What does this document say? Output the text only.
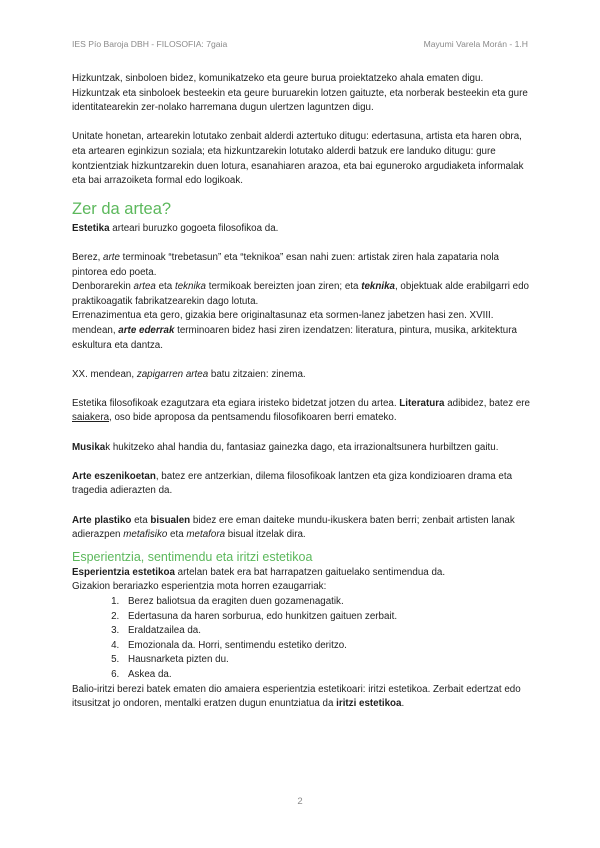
IES Pío Baroja DBH - FILOSOFIA: 7gaia	Mayumi Varela Morán - 1.H

Hizkuntzak, sinboloen bidez, komunikatzeko eta geure burua proiektatzeko ahala ematen digu.

Hizkuntzak eta sinboloek besteekin eta geure buruarekin lotzen gaituzte, eta norberak besteekin eta gure identitatearekin zer-nolako harremana dugun ulertzen laguntzen digu.

Unitate honetan, artearekin lotutako zenbait alderdi aztertuko ditugu: edertasuna, artista eta haren obra, eta artearen eginkizun soziala; eta hizkuntzarekin lotutako alderdi batzuk ere landuko ditugu: gure kontzientziak hizkuntzarekin duen lotura, esanahiaren arazoa, eta bai eguneroko argudiaketa informalak eta bai arrazoiketa formal edo logikoak.

Zer da artea?

Estetika arteari buruzko gogoeta filosofikoa da.

Berez, arte terminoak “trebetasun” eta “teknikoa” esan nahi zuen: artistak ziren hala zapataria nola pintorea edo poeta.

Denborarekin artea eta teknika termikoak bereizten joan ziren; eta teknika, objektuak alde erabilgarri edo praktikoagatik fabrikatzearekin dago lotuta.

Errenazimentua eta gero, gizakia bere originaltasunaz eta sormen-lanez jabetzen hasi zen. XVIII. mendean, arte ederrak terminoaren bidez hasi ziren izendatzen: literatura, pintura, musika, arkitektura eskultura eta dantza.

XX. mendean, zapigarren artea batu zitzaien: zinema.

Estetika filosofikoak ezagutzara eta egiara iristeko bidetzat jotzen du artea. Literatura adibidez, batez ere saiakera, oso bide aproposa da pentsamendu filosofikoaren berri emateko.

Musikak hukitzeko ahal handia du, fantasiaz gainezka dago, eta irrazionaltsunera hurbiltzen gaitu.

Arte eszenikoetan, batez ere antzerkian, dilema filosofikoak lantzen eta giza kondizioaren drama eta tragedia adierazten da.

Arte plastiko eta bisualen bidez ere eman daiteke mundu-ikuskera baten berri; zenbait artisten lanak adierazpen metafisiko eta metafora bisual itzelak dira.

Esperientzia, sentimendu eta iritzi estetikoa

Esperientzia estetikoa artelan batek era bat harrapatzen gaituelako sentimendua da.

Gizakion berariazko esperientzia mota horren ezaugarriak:

1. Berez baliotsua da eragiten duen gozamenagatik.
2. Edertasuna da haren sorburua, edo hunkitzen gaituen zerbait.
3. Eraldatzailea da.
4. Emozionala da. Horri, sentimendu estetiko deritzo.
5. Hausnarketa pizten du.
6. Askea da.

Balio-iritzi berezi batek ematen dio amaiera esperientzia estetikoari: iritzi estetikoa. Zerbait edertzat edo itsusitzat jo ondoren, mentalki eratzen dugun enuntziatua da iritzi estetikoa.

2
